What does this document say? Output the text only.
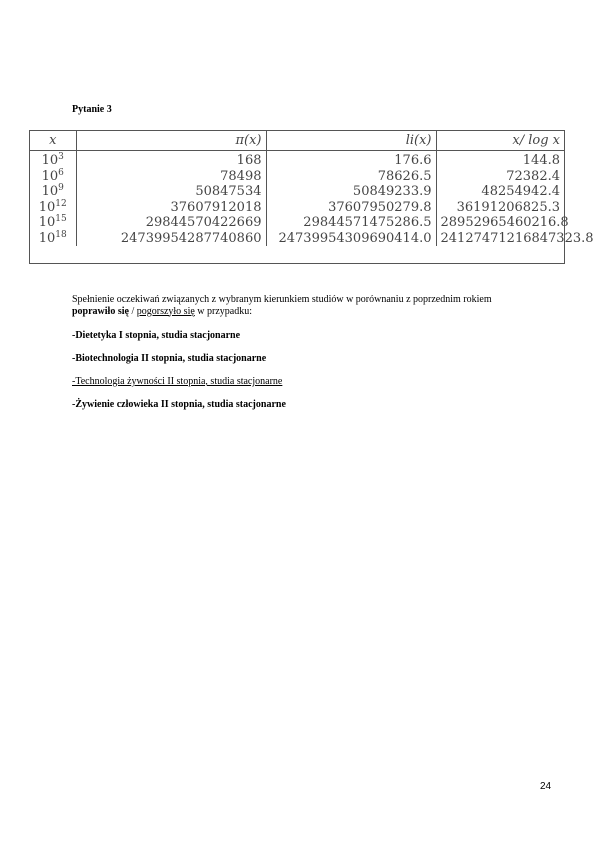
Pytanie 3
x	π(x)	li(x)	x/ log x
$10^3$	168	176.6	144.8
$10^6$	78498	78626.5	72382.4
$10^9$	50847534	50849233.9	48254942.4
$10^{12}$	37607912018	37607950279.8	36191206825.3
$10^{15}$	29844570422669	29844571475286.5	28952965460216.8
$10^{18}$	24739954287740860	24739954309690414.0	24127471216847323.8
Spełnienie oczekiwań związanych z wybranym kierunkiem studiów w porównaniu z poprzednim rokiem
poprawiło się / pogorszyło się w przypadku:
-Dietetyka I stopnia, studia stacjonarne
-Biotechnologia II stopnia, studia stacjonarne
-Technologia żywności II stopnia, studia stacjonarne
-Żywienie człowieka II stopnia, studia stacjonarne
24
